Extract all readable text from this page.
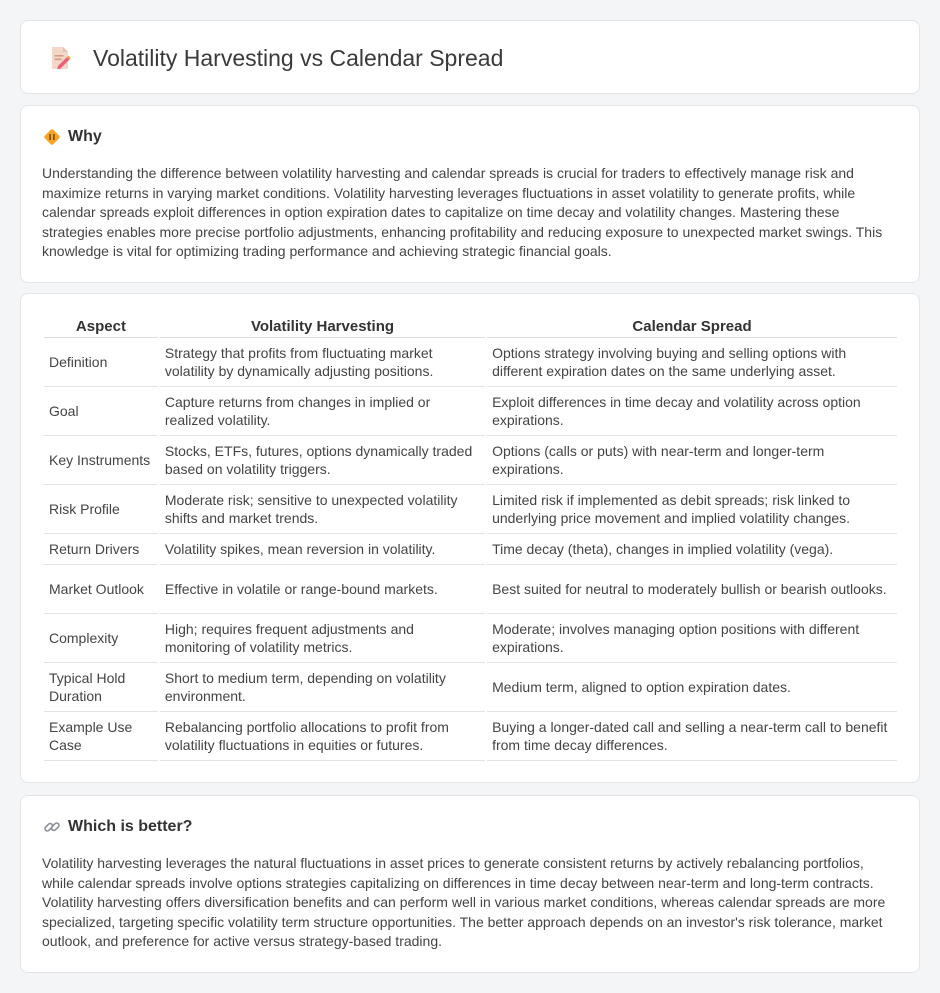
Volatility Harvesting vs Calendar Spread
Why

Understanding the difference between volatility harvesting and calendar spreads is crucial for traders to effectively manage risk and maximize returns in varying market conditions. Volatility harvesting leverages fluctuations in asset volatility to generate profits, while calendar spreads exploit differences in option expiration dates to capitalize on time decay and volatility changes. Mastering these strategies enables more precise portfolio adjustments, enhancing profitability and reducing exposure to unexpected market swings. This knowledge is vital for optimizing trading performance and achieving strategic financial goals.

Aspect	Volatility Harvesting	Calendar Spread
Definition	Strategy that profits from fluctuating market volatility by dynamically adjusting positions.	Options strategy involving buying and selling options with different expiration dates on the same underlying asset.
Goal	Capture returns from changes in implied or realized volatility.	Exploit differences in time decay and volatility across option expirations.
Key Instruments	Stocks, ETFs, futures, options dynamically traded based on volatility triggers.	Options (calls or puts) with near-term and longer-term expirations.
Risk Profile	Moderate risk; sensitive to unexpected volatility shifts and market trends.	Limited risk if implemented as debit spreads; risk linked to underlying price movement and implied volatility changes.
Return Drivers	Volatility spikes, mean reversion in volatility.	Time decay (theta), changes in implied volatility (vega).
Market Outlook	Effective in volatile or range-bound markets.	Best suited for neutral to moderately bullish or bearish outlooks.
Complexity	High; requires frequent adjustments and monitoring of volatility metrics.	Moderate; involves managing option positions with different expirations.
Typical Hold Duration	Short to medium term, depending on volatility environment.	Medium term, aligned to option expiration dates.
Example Use Case	Rebalancing portfolio allocations to profit from volatility fluctuations in equities or futures.	Buying a longer-dated call and selling a near-term call to benefit from time decay differences.
Which is better?

Volatility harvesting leverages the natural fluctuations in asset prices to generate consistent returns by actively rebalancing portfolios, while calendar spreads involve options strategies capitalizing on differences in time decay between near-term and long-term contracts. Volatility harvesting offers diversification benefits and can perform well in various market conditions, whereas calendar spreads are more specialized, targeting specific volatility term structure opportunities. The better approach depends on an investor's risk tolerance, market outlook, and preference for active versus strategy-based trading.
